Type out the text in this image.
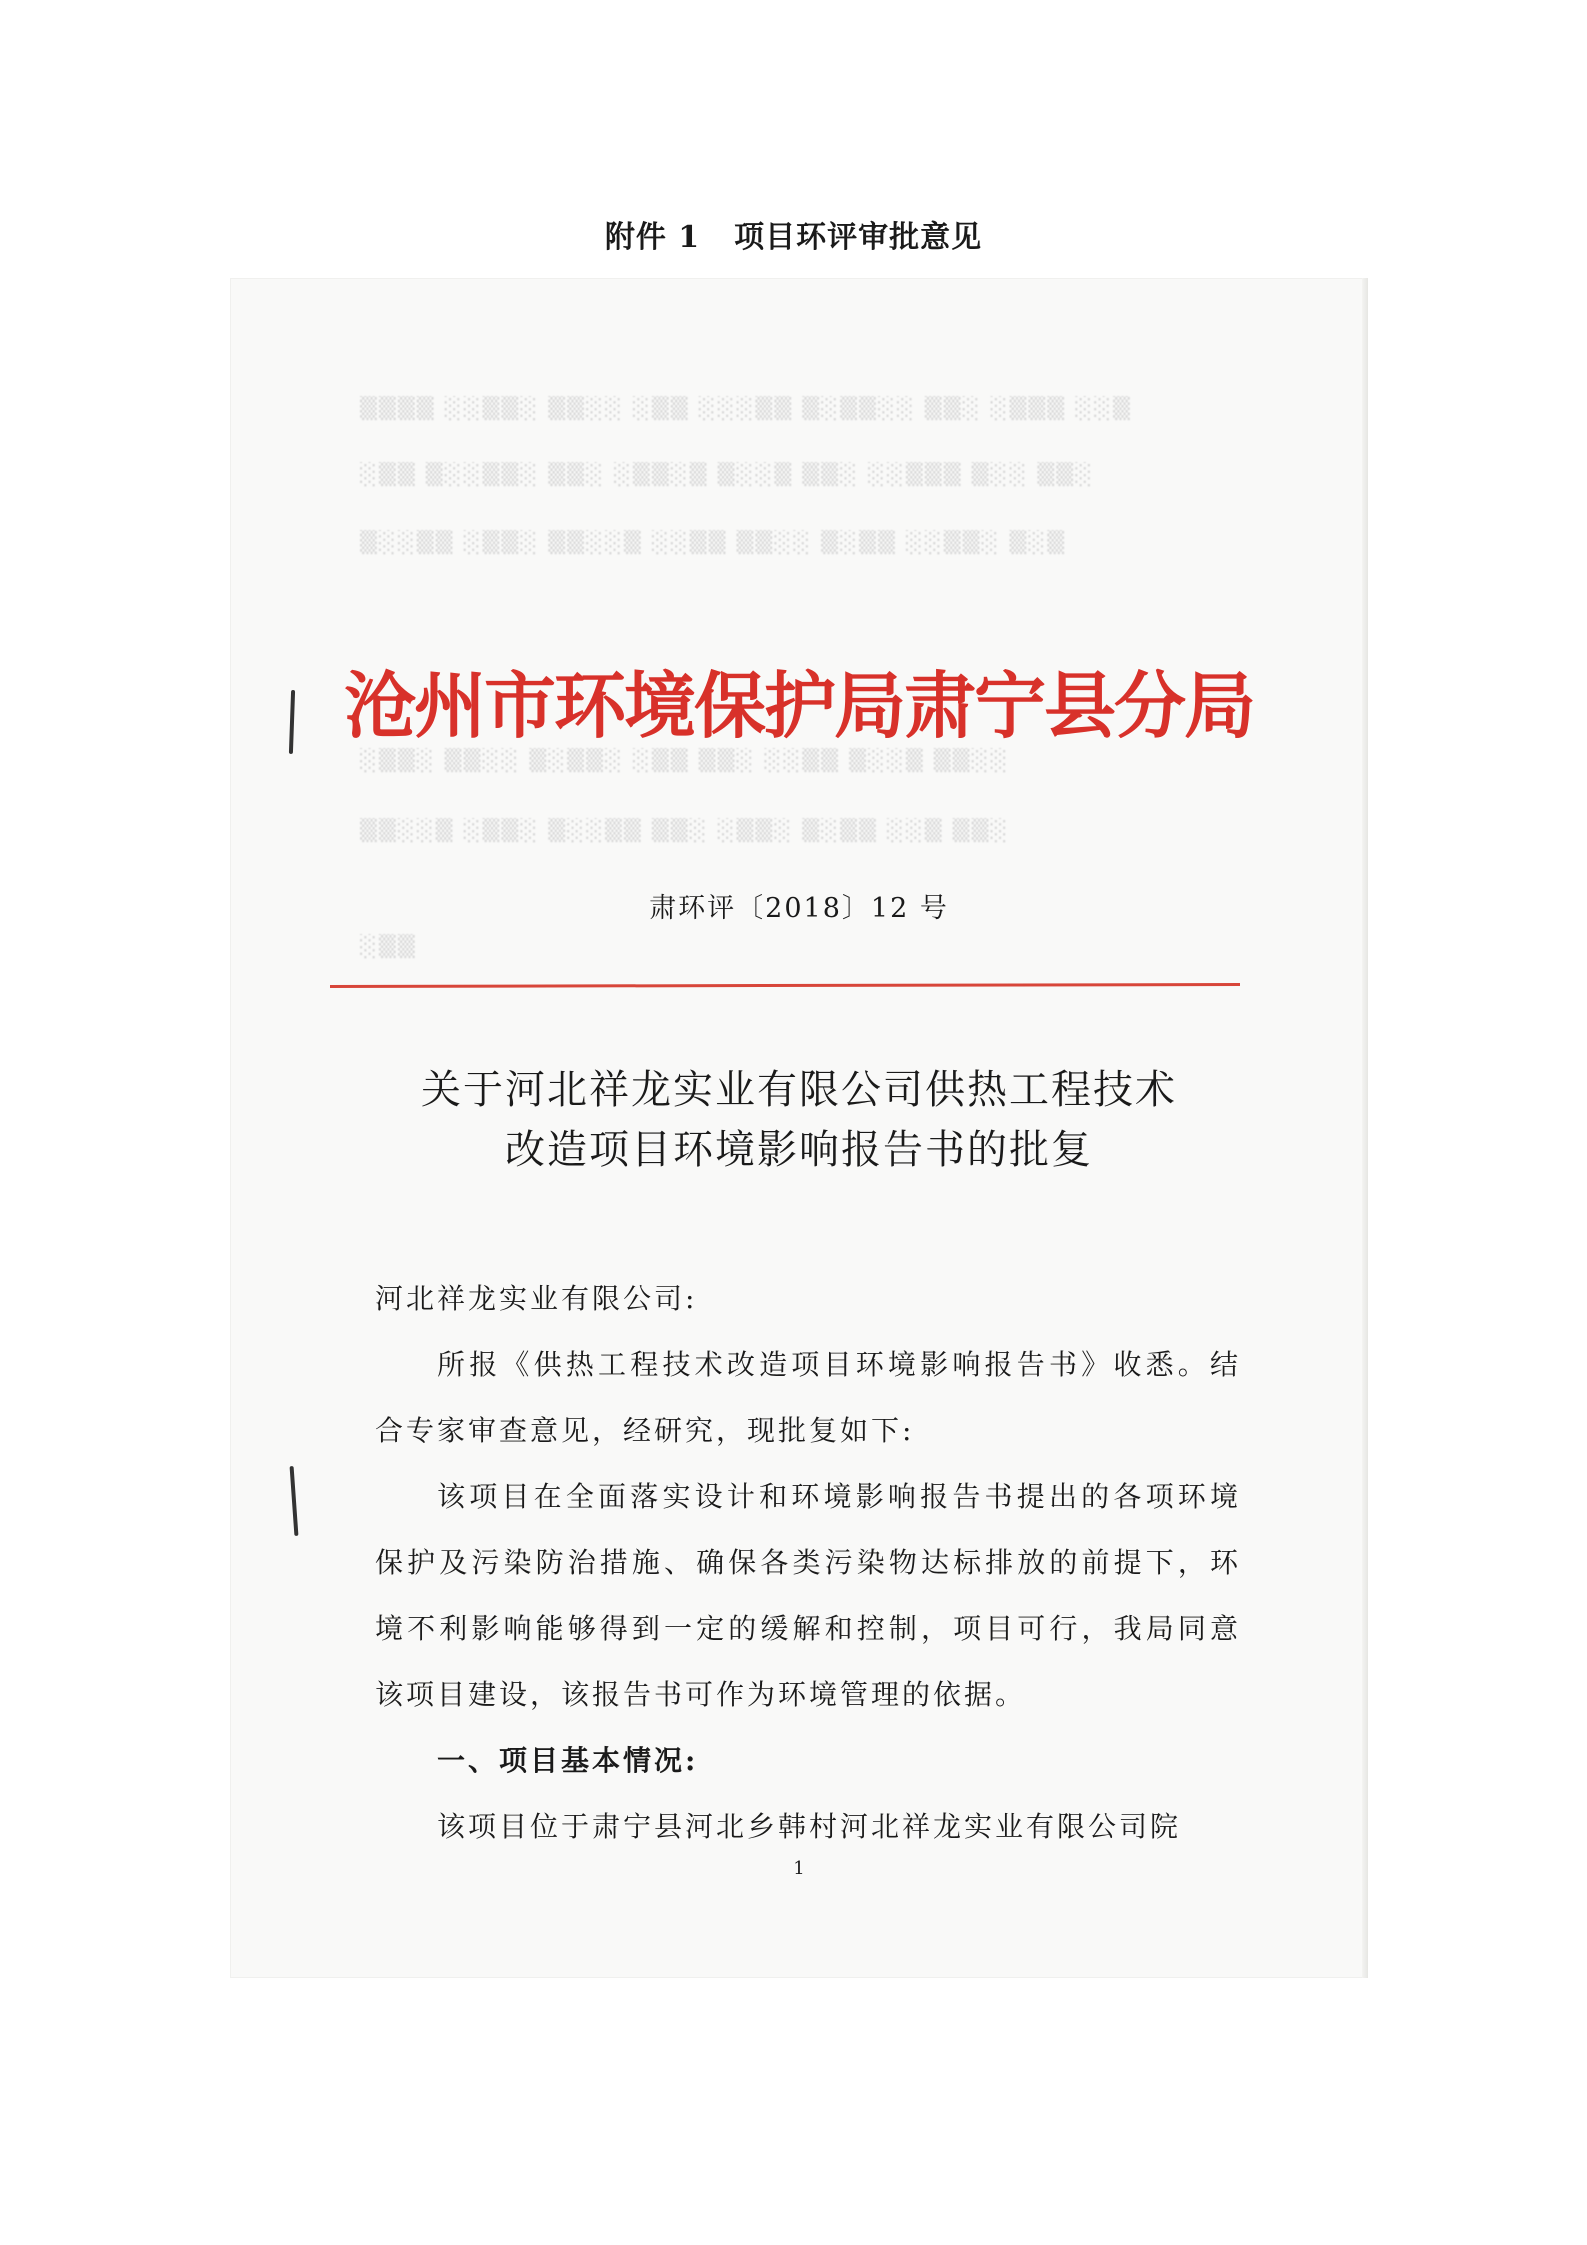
附件 1 项目环评审批意见
▒▒▒▒ ░░▒▒░ ▒▒░░ ░▒▒ ░░░▒▒ ▒░▒▒░░ ▒▒░ ░▒▒▒ ░░▒
░▒▒ ▒░░▒▒░ ▒▒░ ░▒▒░▒ ▒░░▒ ▒▒░ ░░▒▒▒ ▒░░ ▒▒░
▒░░▒▒ ░▒▒░ ▒▒░░▒ ░░▒▒ ▒▒░░ ▒░▒▒ ░░▒▒░ ▒░▒
░▒▒░ ▒▒░░ ▒░▒▒░ ░▒▒ ▒▒░ ░░▒▒ ▒░░▒ ▒▒░░
▒▒░░▒ ░▒▒░ ▒░░▒▒ ▒▒░ ░▒▒░ ▒░▒▒ ░░▒ ▒▒░
░▒▒
沧州市环境保护局肃宁县分局
肃环评〔2018〕12 号
关于河北祥龙实业有限公司供热工程技术
改造项目环境影响报告书的批复
河北祥龙实业有限公司:
所报《供热工程技术改造项目环境影响报告书》收悉。结合专家审查意见，经研究，现批复如下:
该项目在全面落实设计和环境影响报告书提出的各项环境保护及污染防治措施、确保各类污染物达标排放的前提下，环境不利影响能够得到一定的缓解和控制，项目可行，我局同意该项目建设，该报告书可作为环境管理的依据。
一、项目基本情况:
该项目位于肃宁县河北乡韩村河北祥龙实业有限公司院
1
